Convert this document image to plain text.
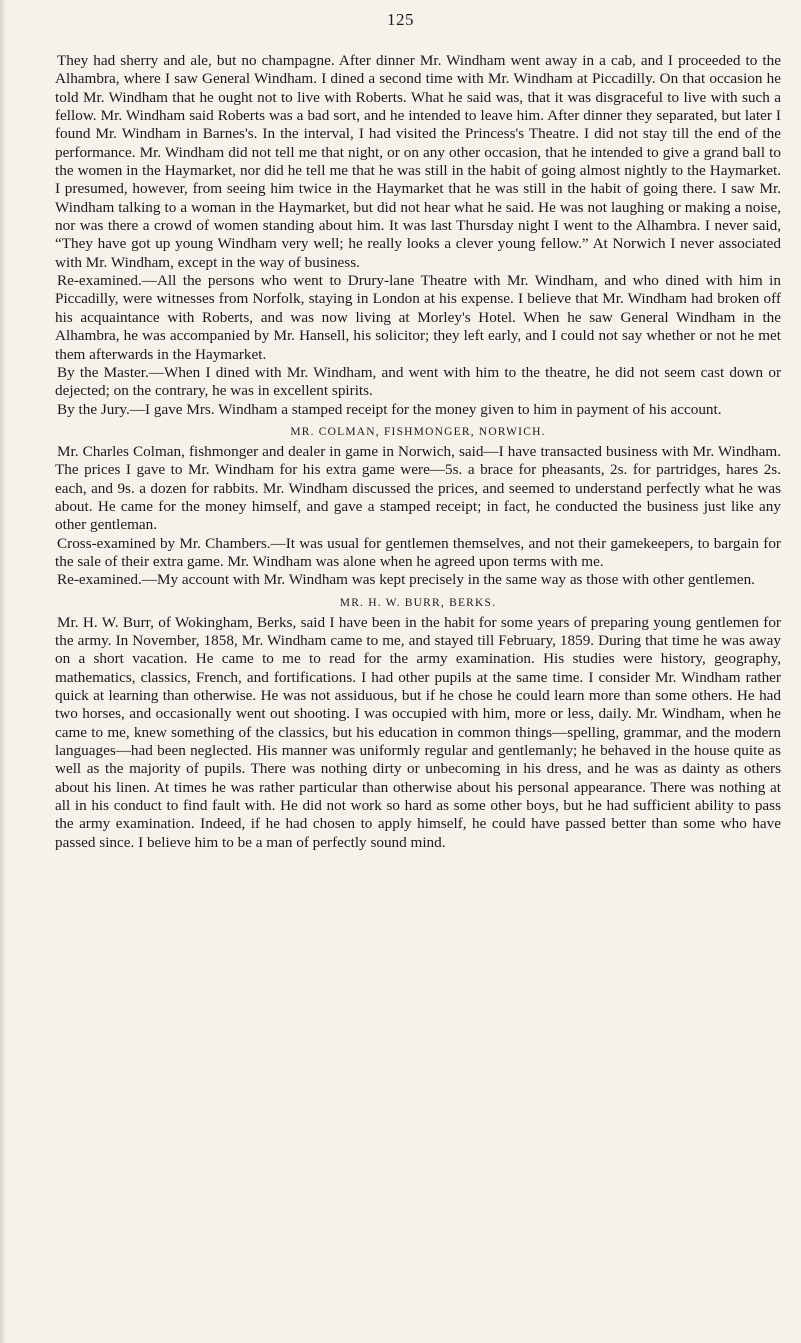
125

They had sherry and ale, but no champagne. After dinner Mr. Windham went away in a cab, and I proceeded to the Alhambra, where I saw General Windham. I dined a second time with Mr. Windham at Piccadilly. On that occasion he told Mr. Windham that he ought not to live with Roberts. What he said was, that it was disgraceful to live with such a fellow. Mr. Windham said Roberts was a bad sort, and he intended to leave him. After dinner they separated, but later I found Mr. Windham in Barnes's. In the interval, I had visited the Princess's Theatre. I did not stay till the end of the performance. Mr. Windham did not tell me that night, or on any other occasion, that he intended to give a grand ball to the women in the Haymarket, nor did he tell me that he was still in the habit of going almost nightly to the Haymarket. I presumed, however, from seeing him twice in the Haymarket that he was still in the habit of going there. I saw Mr. Windham talking to a woman in the Haymarket, but did not hear what he said. He was not laughing or making a noise, nor was there a crowd of women standing about him. It was last Thursday night I went to the Alhambra. I never said, “They have got up young Windham very well; he really looks a clever young fellow.” At Norwich I never associated with Mr. Windham, except in the way of business.

Re-examined.—All the persons who went to Drury-lane Theatre with Mr. Windham, and who dined with him in Piccadilly, were witnesses from Norfolk, staying in London at his expense. I believe that Mr. Windham had broken off his acquaintance with Roberts, and was now living at Morley's Hotel. When he saw General Windham in the Alhambra, he was accompanied by Mr. Hansell, his solicitor; they left early, and I could not say whether or not he met them afterwards in the Haymarket.

By the Master.—When I dined with Mr. Windham, and went with him to the theatre, he did not seem cast down or dejected; on the contrary, he was in excellent spirits.

By the Jury.—I gave Mrs. Windham a stamped receipt for the money given to him in payment of his account.

MR. COLMAN, FISHMONGER, NORWICH.

Mr. Charles Colman, fishmonger and dealer in game in Norwich, said—I have transacted business with Mr. Windham. The prices I gave to Mr. Windham for his extra game were—5s. a brace for pheasants, 2s. for partridges, hares 2s. each, and 9s. a dozen for rabbits. Mr. Windham discussed the prices, and seemed to understand perfectly what he was about. He came for the money himself, and gave a stamped receipt; in fact, he conducted the business just like any other gentleman.

Cross-examined by Mr. Chambers.—It was usual for gentlemen themselves, and not their gamekeepers, to bargain for the sale of their extra game. Mr. Windham was alone when he agreed upon terms with me.

Re-examined.—My account with Mr. Windham was kept precisely in the same way as those with other gentlemen.

MR. H. W. BURR, BERKS.

Mr. H. W. Burr, of Wokingham, Berks, said I have been in the habit for some years of preparing young gentlemen for the army. In November, 1858, Mr. Windham came to me, and stayed till February, 1859. During that time he was away on a short vacation. He came to me to read for the army examination. His studies were history, geography, mathematics, classics, French, and fortifications. I had other pupils at the same time. I consider Mr. Windham rather quick at learning than otherwise. He was not assiduous, but if he chose he could learn more than some others. He had two horses, and occasionally went out shooting. I was occupied with him, more or less, daily. Mr. Windham, when he came to me, knew something of the classics, but his education in common things—spelling, grammar, and the modern languages—had been neglected. His manner was uniformly regular and gentlemanly; he behaved in the house quite as well as the majority of pupils. There was nothing dirty or unbecoming in his dress, and he was as dainty as others about his linen. At times he was rather particular than otherwise about his personal appearance. There was nothing at all in his conduct to find fault with. He did not work so hard as some other boys, but he had sufficient ability to pass the army examination. Indeed, if he had chosen to apply himself, he could have passed better than some who have passed since. I believe him to be a man of perfectly sound mind.
